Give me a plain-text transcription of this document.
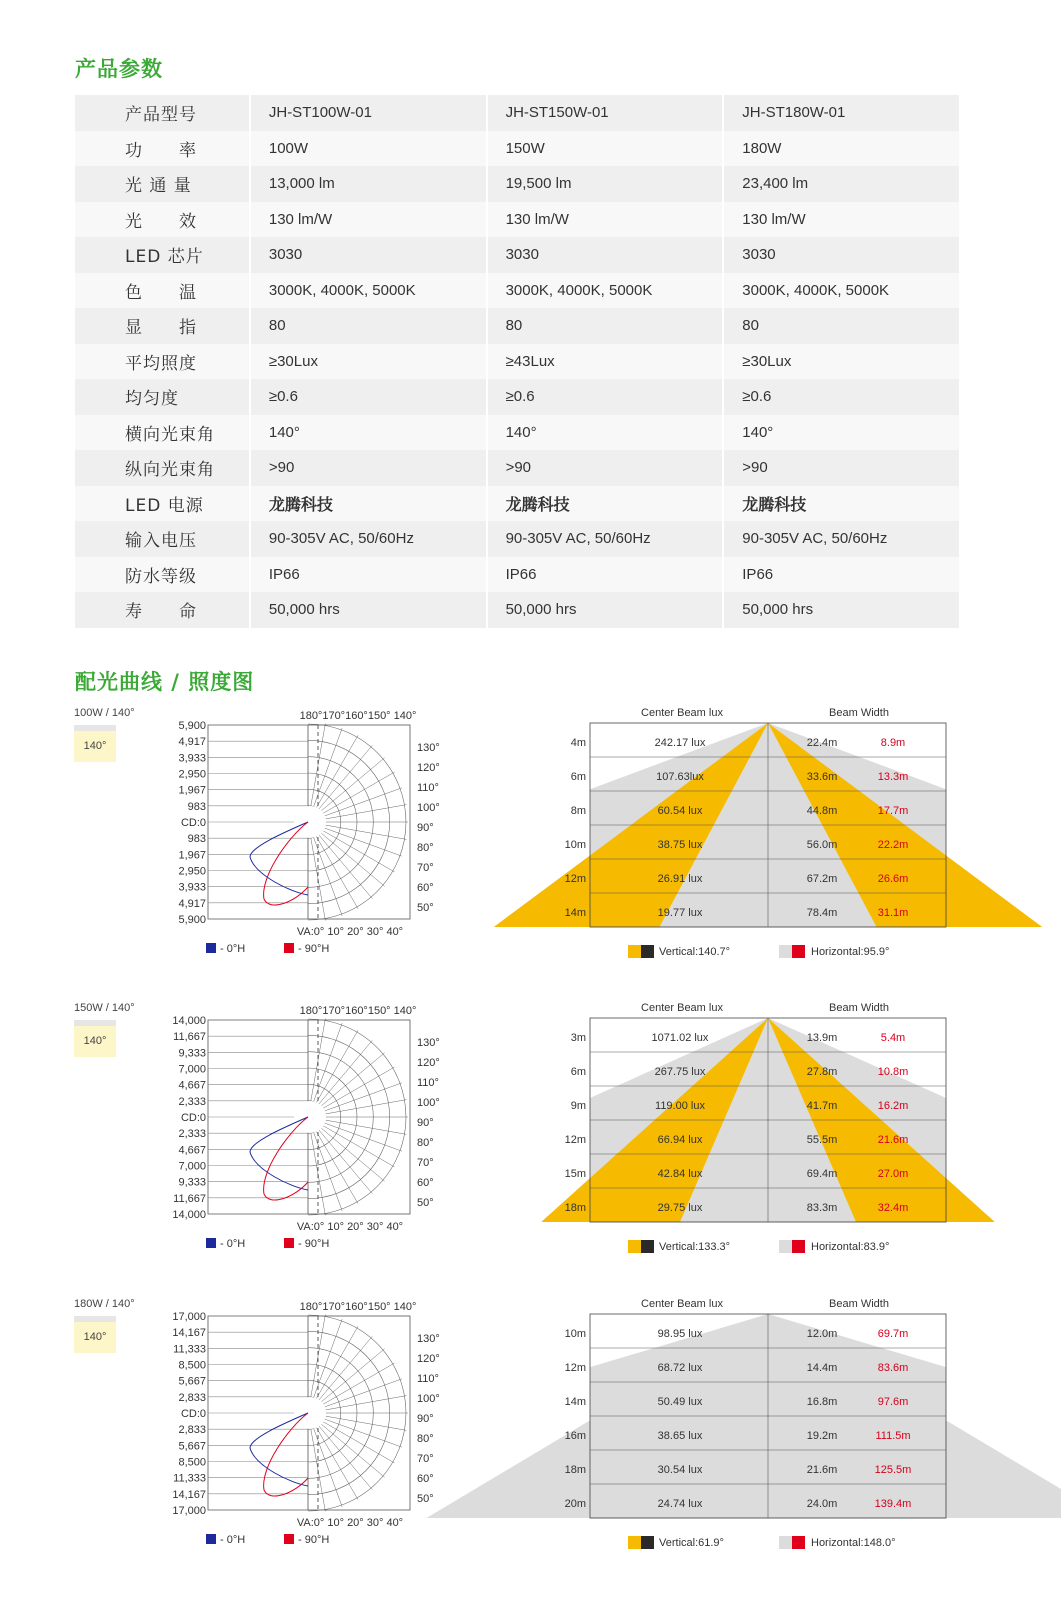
产品参数
产品型号	JH-ST100W-01	JH-ST150W-01	JH-ST180W-01
功　　率	100W	150W	180W
光 通 量	13,000 lm	19,500 lm	23,400 lm
光　　效	130 lm/W	130 lm/W	130 lm/W
LED 芯片	3030	3030	3030
色　　温	3000K, 4000K, 5000K	3000K, 4000K, 5000K	3000K, 4000K, 5000K
显　　指	80	80	80
平均照度	≥30Lux	≥43Lux	≥30Lux
均匀度	≥0.6	≥0.6	≥0.6
横向光束角	140°	140°	140°
纵向光束角	>90	>90	>90
LED 电源	龙腾科技	龙腾科技	龙腾科技
输入电压	90-305V AC, 50/60Hz	90-305V AC, 50/60Hz	90-305V AC, 50/60Hz
防水等级	IP66	IP66	IP66
寿　　命	50,000 hrs	50,000 hrs	50,000 hrs
配光曲线 / 照度图
100W / 140°
140°
5,900
4,917
3,933
2,950
1,967
983
CD:0
983
1,967
2,950
3,933
4,917
5,900
180°170°160°150° 140°
130°
120°
110°
100°
90°
80°
70°
60°
50°
VA:0° 10° 20° 30° 40°
- 0°H	- 90°H
Center Beam lux	Beam Width
4m	242.17 lux	22.4m	8.9m
6m	107.63lux	33.6m	13.3m
8m	60.54 lux	44.8m	17.7m
10m	38.75 lux	56.0m	22.2m
12m	26.91 lux	67.2m	26.6m
14m	19.77 lux	78.4m	31.1m
Vertical:140.7°	Horizontal:95.9°
150W / 140°
140°
14,000
11,667
9,333
7,000
4,667
2,333
CD:0
2,333
4,667
7,000
9,333
11,667
14,000
180°170°160°150° 140°
130°
120°
110°
100°
90°
80°
70°
60°
50°
VA:0° 10° 20° 30° 40°
- 0°H	- 90°H
Center Beam lux	Beam Width
3m	1071.02 lux	13.9m	5.4m
6m	267.75 lux	27.8m	10.8m
9m	119.00 lux	41.7m	16.2m
12m	66.94 lux	55.5m	21.6m
15m	42.84 lux	69.4m	27.0m
18m	29.75 lux	83.3m	32.4m
Vertical:133.3°	Horizontal:83.9°
180W / 140°
140°
17,000
14,167
11,333
8,500
5,667
2,833
CD:0
2,833
5,667
8,500
11,333
14,167
17,000
180°170°160°150° 140°
130°
120°
110°
100°
90°
80°
70°
60°
50°
VA:0° 10° 20° 30° 40°
- 0°H	- 90°H
Center Beam lux	Beam Width
10m	98.95 lux	12.0m	69.7m
12m	68.72 lux	14.4m	83.6m
14m	50.49 lux	16.8m	97.6m
16m	38.65 lux	19.2m	111.5m
18m	30.54 lux	21.6m	125.5m
20m	24.74 lux	24.0m	139.4m
Vertical:61.9°	Horizontal:148.0°
